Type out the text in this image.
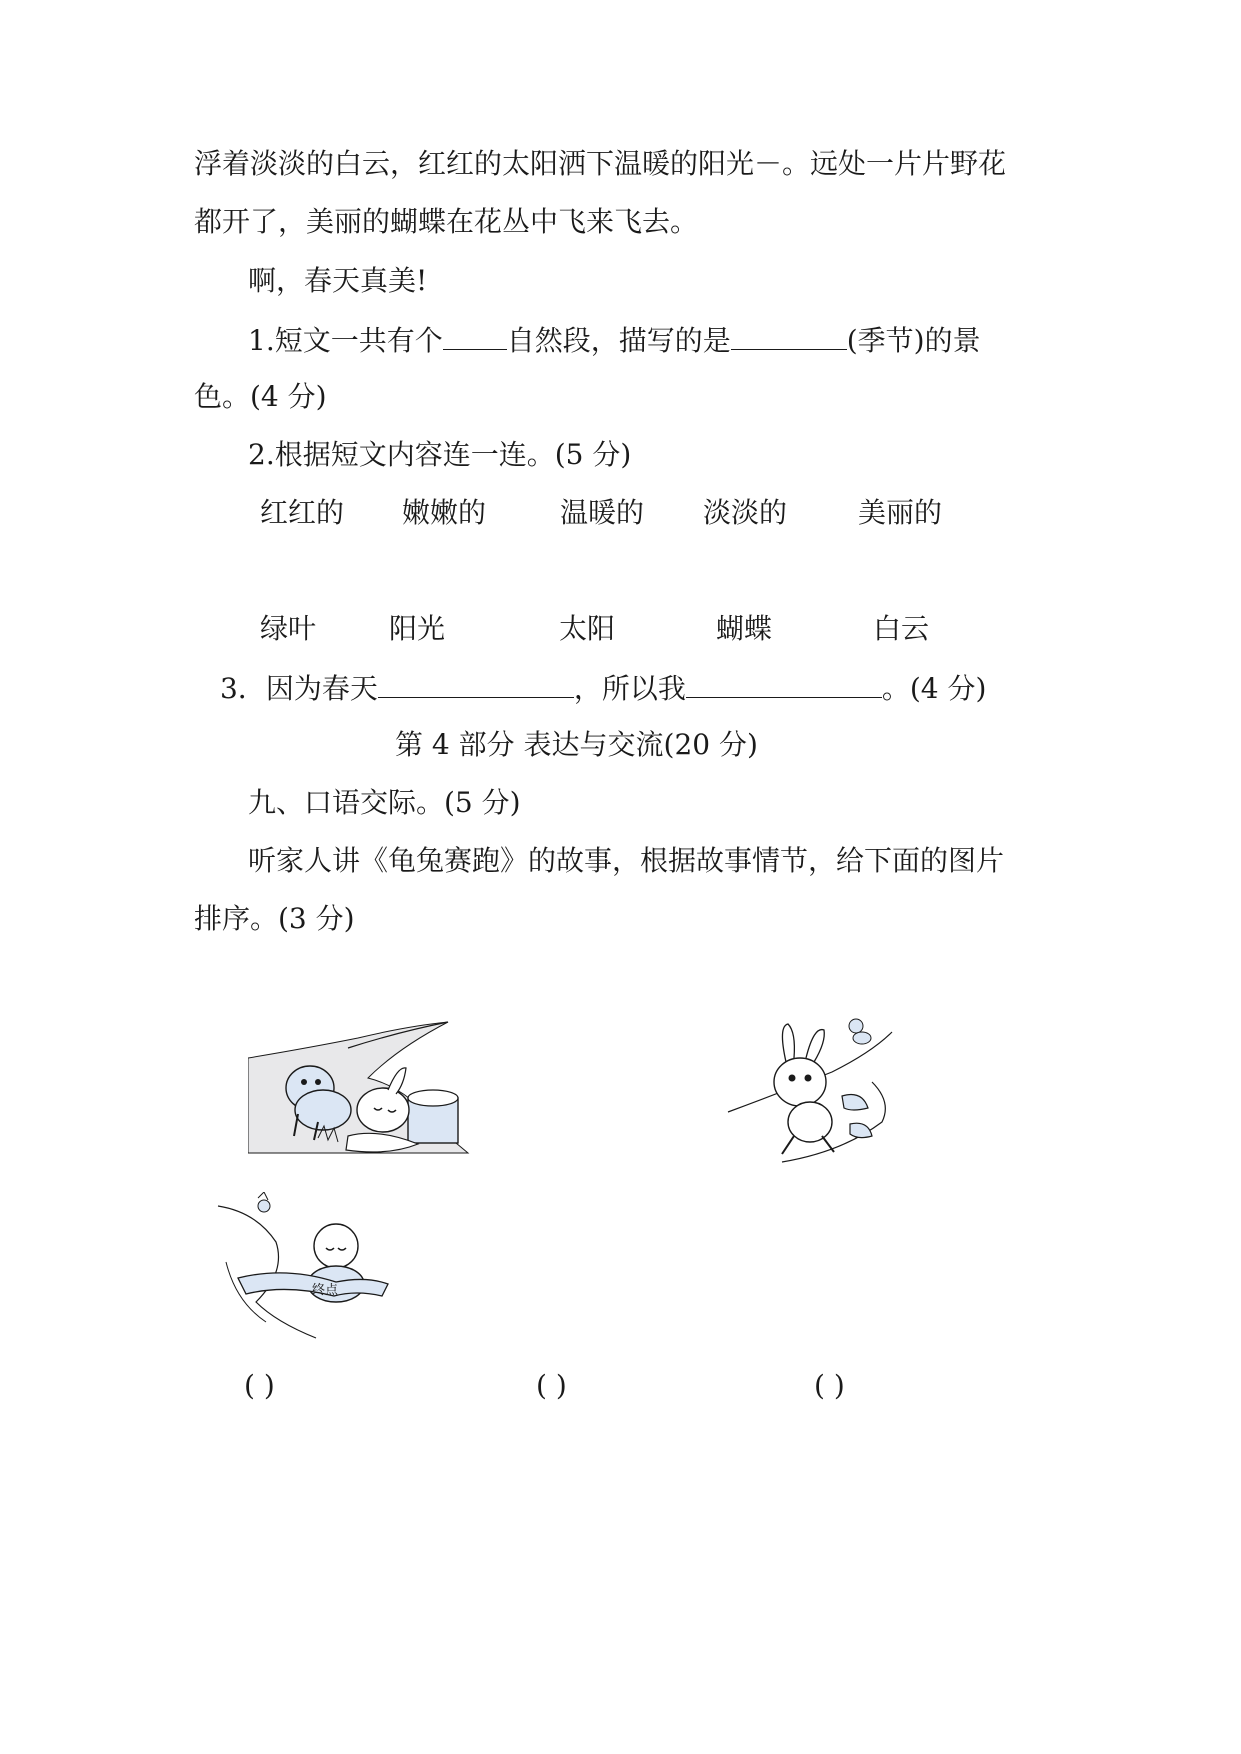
浮着淡淡的白云，红红的太阳洒下温暖的阳光－。远处一片片野花
都开了，美丽的蝴蝶在花丛中飞来飞去。
啊，春天真美!
1.短文一共有个 自然段，描写的是	(季节)的景
色。(4 分)
2.根据短文内容连一连。(5 分)
红红的 嫩嫩的	温暖的 淡淡的	美丽的
绿叶	阳光	太阳	蝴蝶	白云
3．因为春天	，所以我	。(4 分)
第 4 部分 表达与交流(20 分)
九、口语交际。(5 分)
听家人讲《龟兔赛跑》的故事，根据故事情节，给下面的图片
排序。(3 分)
终点
( )	( )	( )
